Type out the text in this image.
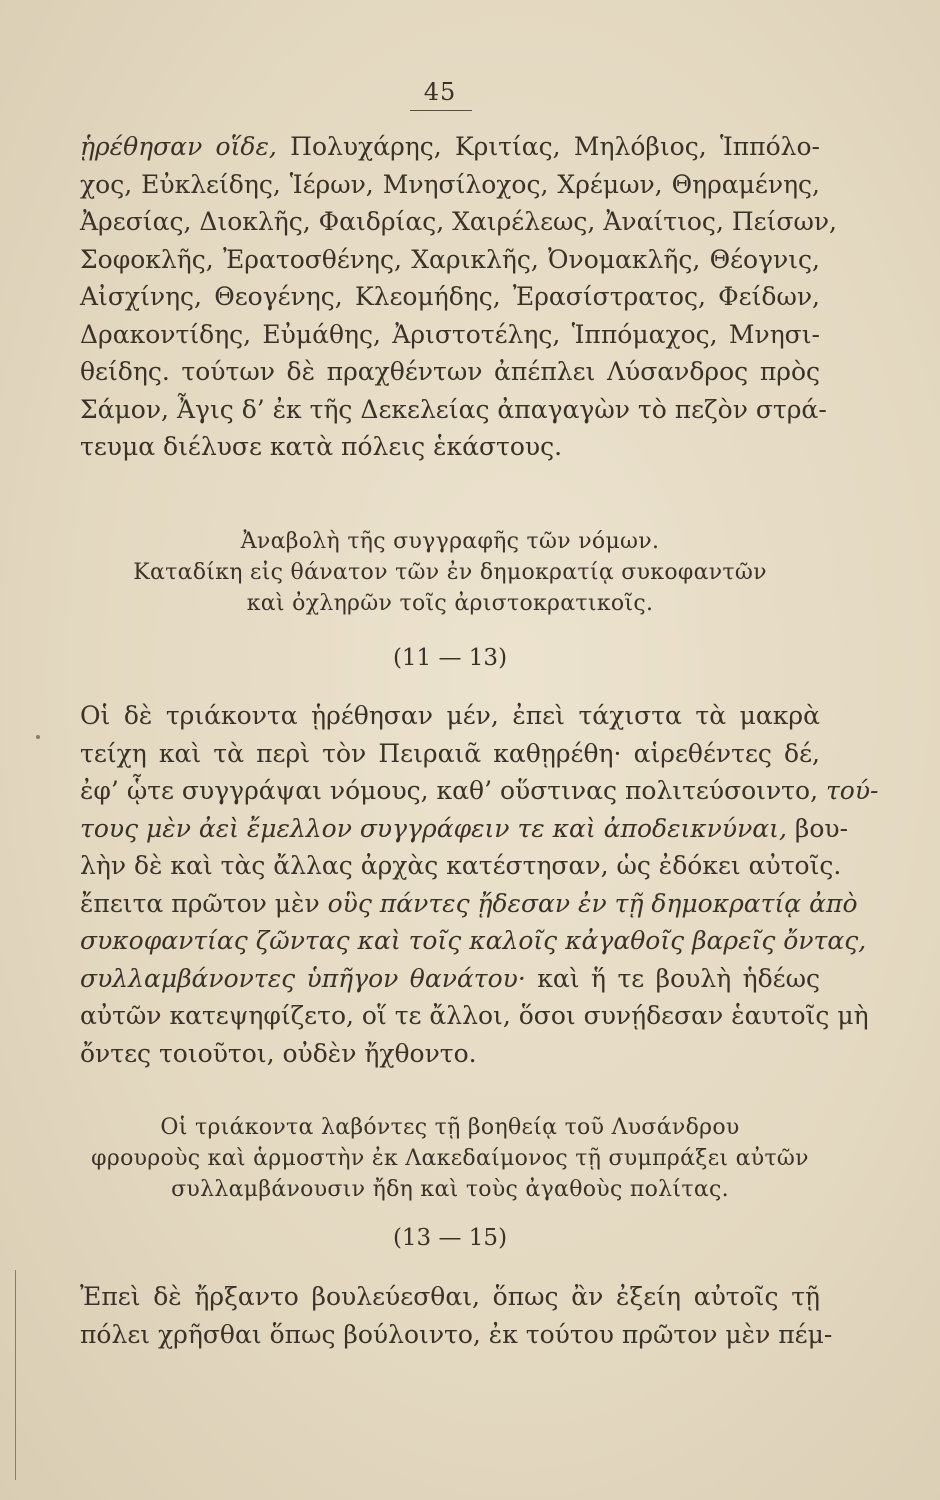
45
ᾑρέθησαν οἵδε, Πολυχάρης, Κριτίας, Μηλόβιος, Ἱππόλο-
χος, Εὐκλείδης, Ἱέρων, Μνησίλοχος, Χρέμων, Θηραμένης,
Ἀρεσίας, Διοκλῆς, Φαιδρίας, Χαιρέλεως, Ἀναίτιος, Πείσων,
Σοφοκλῆς, Ἐρατοσθένης, Χαρικλῆς, Ὀνομακλῆς, Θέογνις,
Αἰσχίνης, Θεογένης, Κλεομήδης, Ἐρασίστρατος, Φείδων,
Δρακοντίδης, Εὐμάθης, Ἀριστοτέλης, Ἱππόμαχος, Μνησι-
θείδης. τούτων δὲ πραχθέντων ἀπέπλει Λύσανδρος πρὸς
Σάμον, Ἆγις δ’ ἐκ τῆς Δεκελείας ἀπαγαγὼν τὸ πεζὸν στρά-
τευμα διέλυσε κατὰ πόλεις ἑκάστους.
Ἀναβολὴ τῆς συγγραφῆς τῶν νόμων.
Καταδίκη εἰς θάνατον τῶν ἐν δημοκρατίᾳ συκοφαντῶν
καὶ ὀχληρῶν τοῖς ἀριστοκρατικοῖς.
(11 — 13)
Οἱ δὲ τριάκοντα ᾑρέθησαν μέν, ἐπεὶ τάχιστα τὰ μακρὰ
τείχη καὶ τὰ περὶ τὸν Πειραιᾶ καθῃρέθη· αἱρεθέντες δέ,
ἐφ’ ᾧτε συγγράψαι νόμους, καθ’ οὕστινας πολιτεύσοιντο, τού-
τους μὲν ἀεὶ ἔμελλον συγγράφειν τε καὶ ἀποδεικνύναι, βου-
λὴν δὲ καὶ τὰς ἄλλας ἀρχὰς κατέστησαν, ὡς ἐδόκει αὐτοῖς.
ἔπειτα πρῶτον μὲν οὓς πάντες ᾔδεσαν ἐν τῇ δημοκρατίᾳ ἀπὸ
συκοφαντίας ζῶντας καὶ τοῖς καλοῖς κἀγαθοῖς βαρεῖς ὄντας,
συλλαμβάνοντες ὑπῆγον θανάτου· καὶ ἥ τε βουλὴ ἡδέως
αὐτῶν κατεψηφίζετο, οἵ τε ἄλλοι, ὅσοι συνῄδεσαν ἑαυτοῖς μὴ
ὄντες τοιοῦτοι, οὐδὲν ἤχθοντο.
Οἱ τριάκοντα λαβόντες τῇ βοηθείᾳ τοῦ Λυσάνδρου
φρουροὺς καὶ ἁρμοστὴν ἐκ Λακεδαίμονος τῇ συμπράξει αὐτῶν
συλλαμβάνουσιν ἤδη καὶ τοὺς ἀγαθοὺς πολίτας.
(13 — 15)
Ἐπεὶ δὲ ἤρξαντο βουλεύεσθαι, ὅπως ἂν ἐξείη αὐτοῖς τῇ
πόλει χρῆσθαι ὅπως βούλοιντο, ἐκ τούτου πρῶτον μὲν πέμ-
